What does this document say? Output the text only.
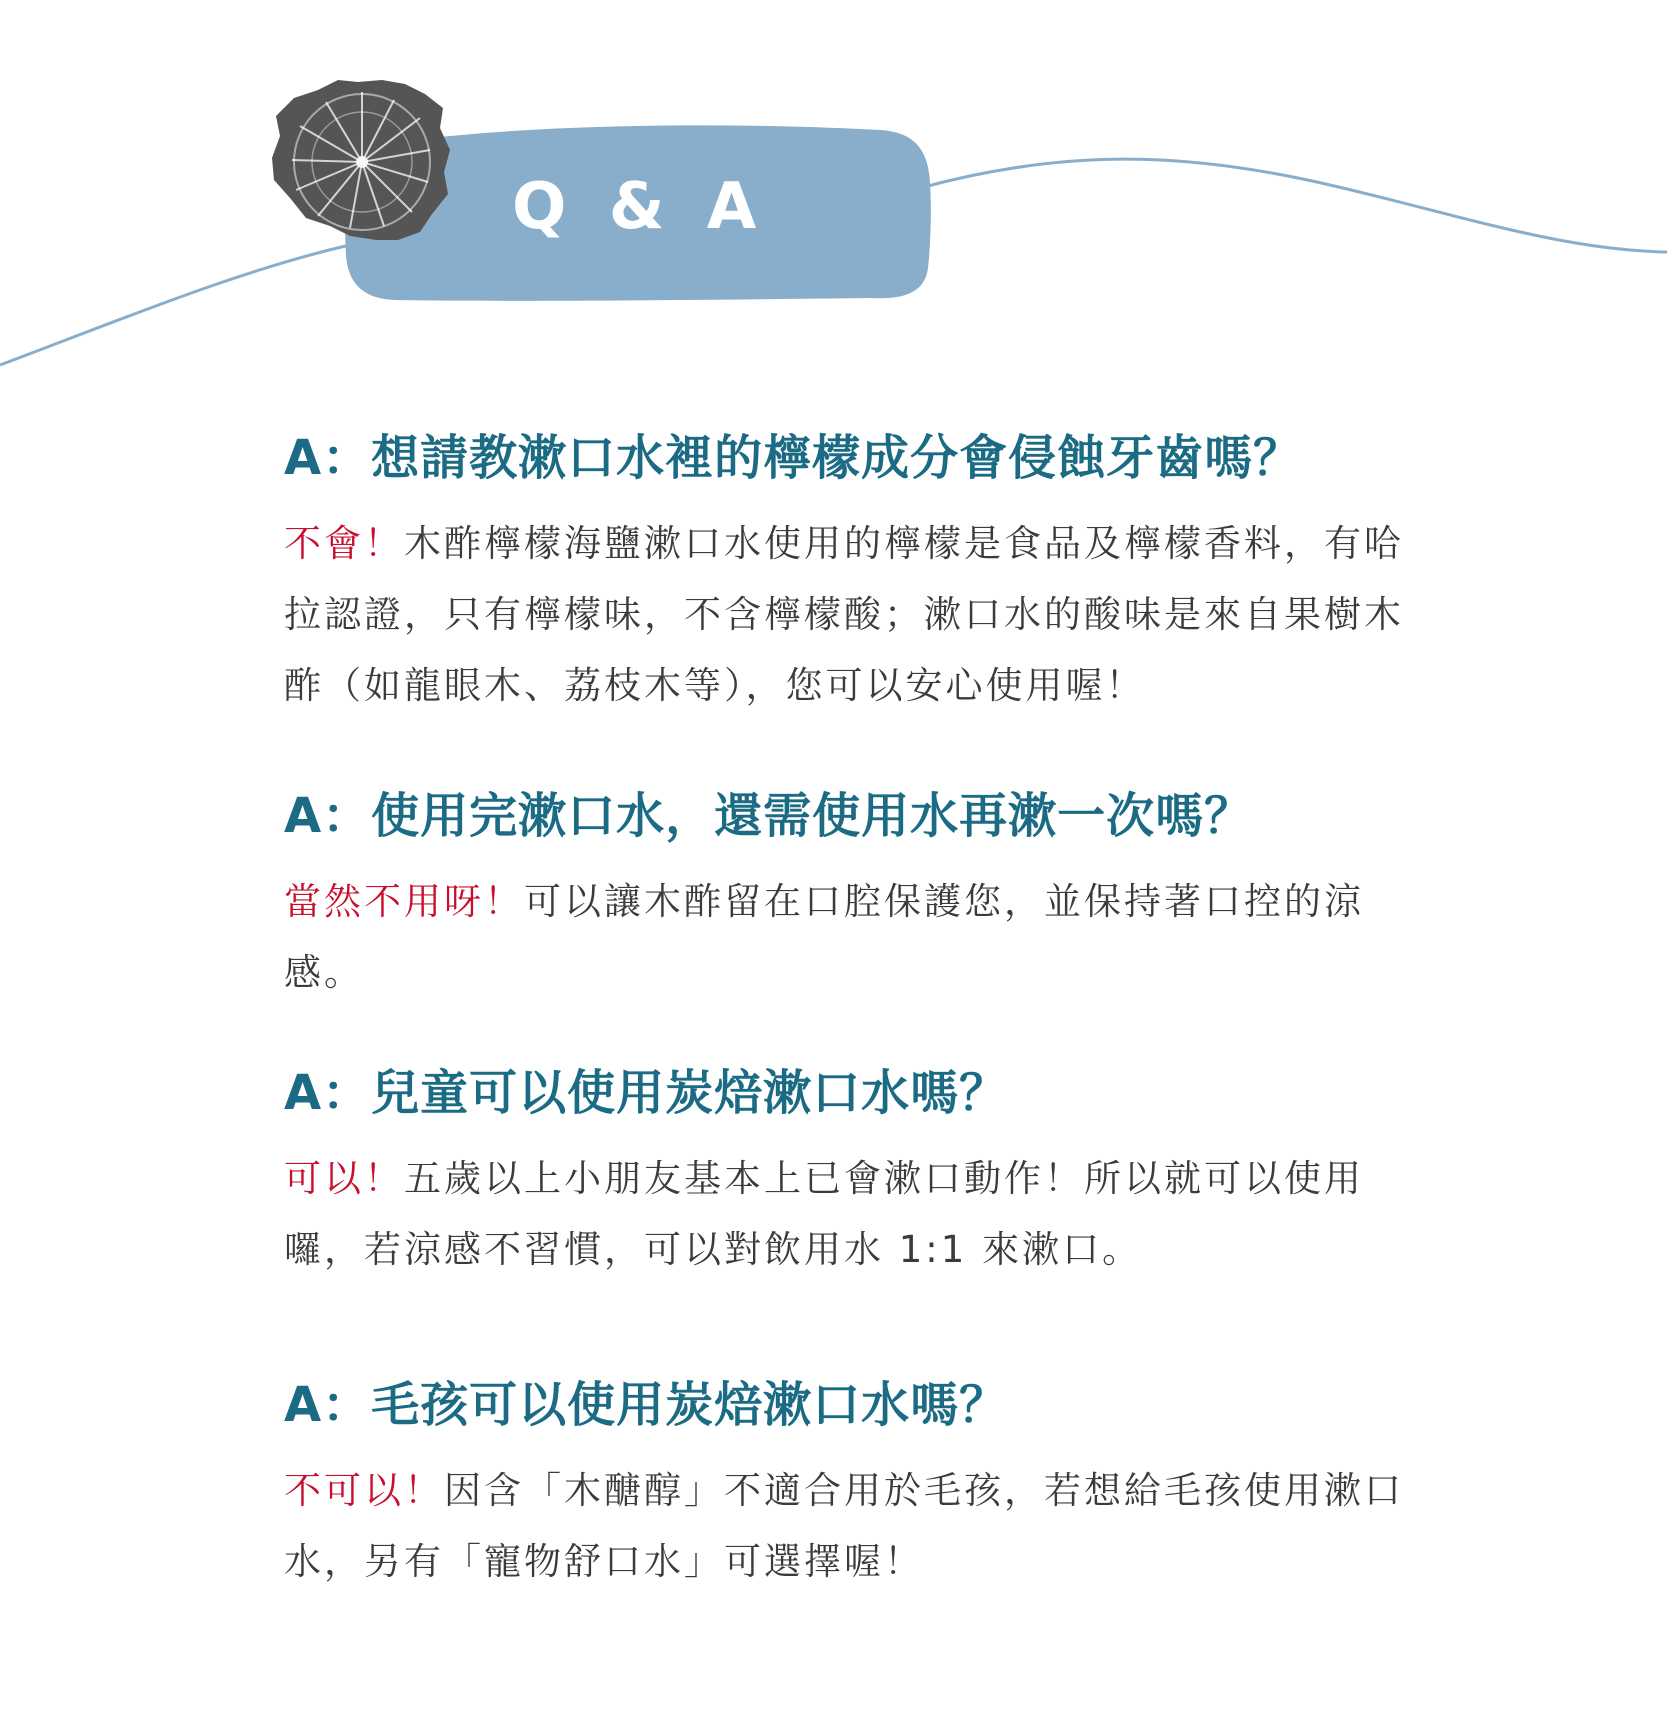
Q & A

A：想請教漱口水裡的檸檬成分會侵蝕牙齒嗎？

不會！木酢檸檬海鹽漱口水使用的檸檬是食品及檸檬香料，有哈拉認證，只有檸檬味，不含檸檬酸；漱口水的酸味是來自果樹木酢（如龍眼木、荔枝木等），您可以安心使用喔！

A：使用完漱口水，還需使用水再漱一次嗎？

當然不用呀！可以讓木酢留在口腔保護您，並保持著口控的涼感。

A：兒童可以使用炭焙漱口水嗎？

可以！五歲以上小朋友基本上已會漱口動作！所以就可以使用囉，若涼感不習慣，可以對飲用水 1:1 來漱口。

A：毛孩可以使用炭焙漱口水嗎？

不可以！因含「木醣醇」不適合用於毛孩，若想給毛孩使用漱口水，另有「寵物舒口水」可選擇喔！
